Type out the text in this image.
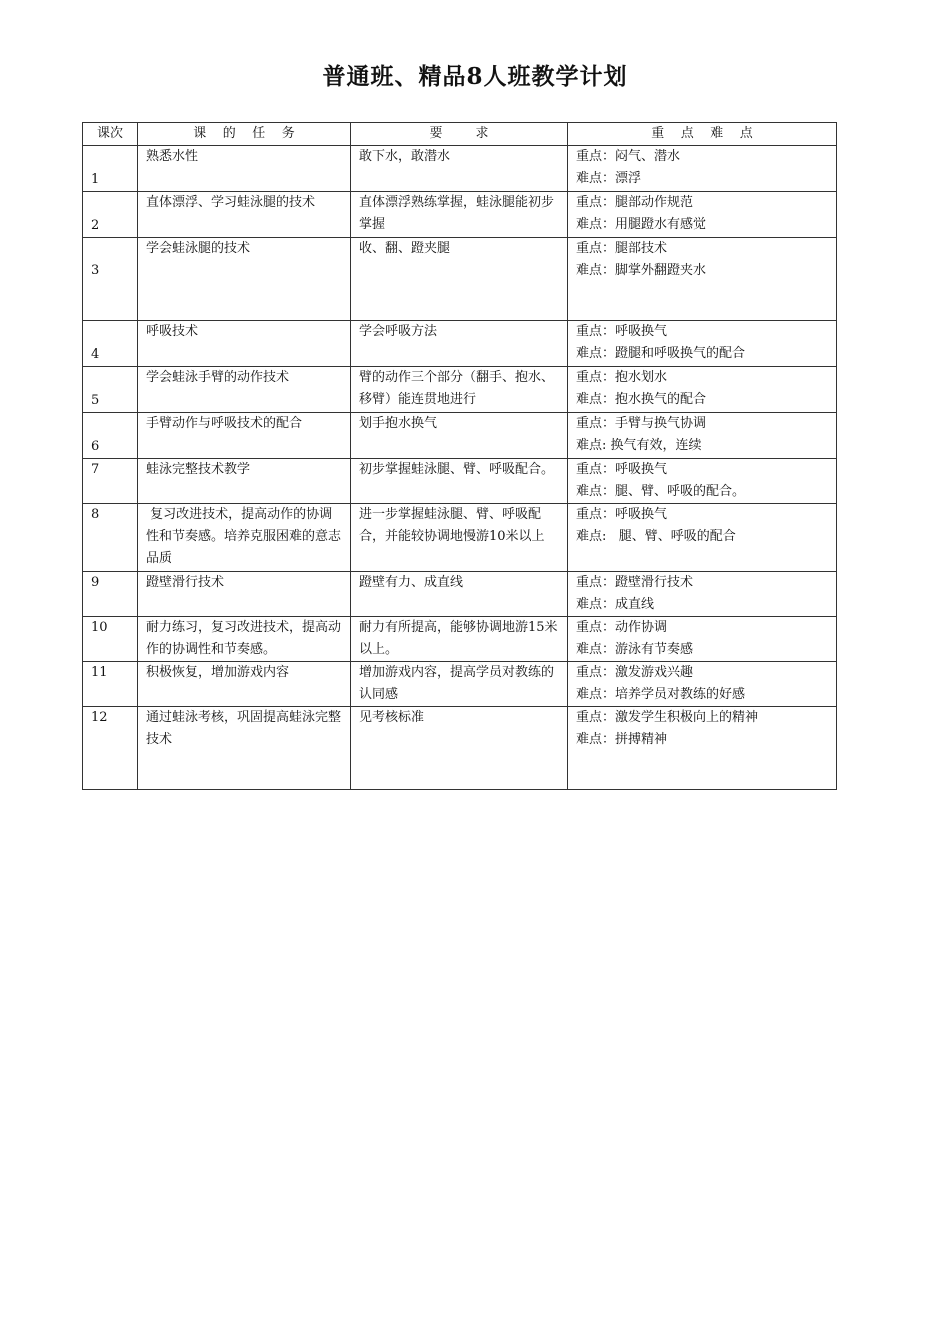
普通班、精品8人班教学计划
课次	课    的    任    务	要        求	重    点    难    点
1	熟悉水性	敢下水，敢潜水	重点：闷气、潜水
难点：漂浮

2	直体漂浮、学习蛙泳腿的技术	直体漂浮熟练掌握，蛙泳腿能初步掌握	重点：腿部动作规范
难点：用腿蹬水有感觉

3	学会蛙泳腿的技术	收、翻、蹬夹腿	重点：腿部技术
难点：脚掌外翻蹬夹水

4	呼吸技术	学会呼吸方法	重点：呼吸换气
难点：蹬腿和呼吸换气的配合

5	学会蛙泳手臂的动作技术	臂的动作三个部分（翻手、抱水、移臂）能连贯地进行	重点：抱水划水
难点：抱水换气的配合

6	手臂动作与呼吸技术的配合	划手抱水换气	重点：手臂与换气协调
难点: 换气有效，连续

7	蛙泳完整技术教学	初步掌握蛙泳腿、臂、呼吸配合。	重点：呼吸换气
难点：腿、臂、呼吸的配合。

8	复习改进技术，提高动作的协调性和节奏感。培养克服困难的意志品质	进一步掌握蛙泳腿、臂、呼吸配合，并能较协调地慢游10米以上	重点：呼吸换气
难点:   腿、臂、呼吸的配合

9	蹬壁滑行技术	蹬壁有力、成直线	重点：蹬壁滑行技术
难点：成直线

10	耐力练习，复习改进技术，提高动作的协调性和节奏感。	耐力有所提高，能够协调地游15米以上。	重点：动作协调
难点：游泳有节奏感

11	积极恢复，增加游戏内容	增加游戏内容，提高学员对教练的认同感	重点：激发游戏兴趣
难点：培养学员对教练的好感

12	通过蛙泳考核，巩固提高蛙泳完整技术	见考核标准	重点：激发学生积极向上的精神
难点：拼搏精神
